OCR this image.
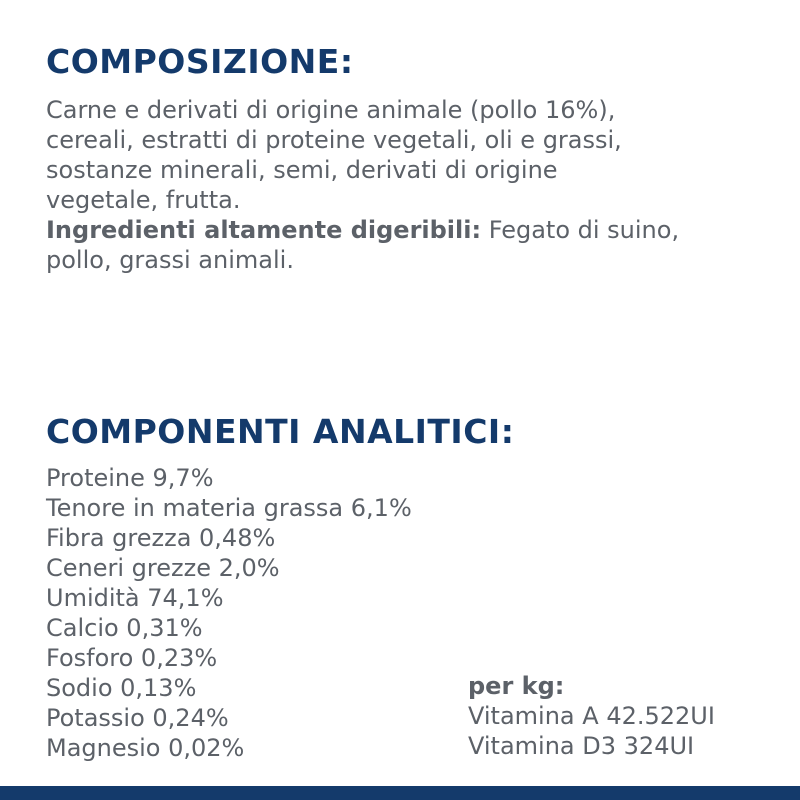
COMPOSIZIONE:

Carne e derivati di origine animale (pollo 16%),
cereali, estratti di proteine vegetali, oli e grassi,
sostanze minerali, semi, derivati di origine
vegetale, frutta.
Ingredienti altamente digeribili: Fegato di suino,
pollo, grassi animali.

COMPONENTI ANALITICI:
Proteine 9,7%
Tenore in materia grassa 6,1%
Fibra grezza 0,48%
Ceneri grezze 2,0%
Umidità 74,1%
Calcio 0,31%
Fosforo 0,23%
Sodio 0,13%
Potassio 0,24%
Magnesio 0,02%
per kg:
Vitamina A 42.522UI
Vitamina D3 324UI
